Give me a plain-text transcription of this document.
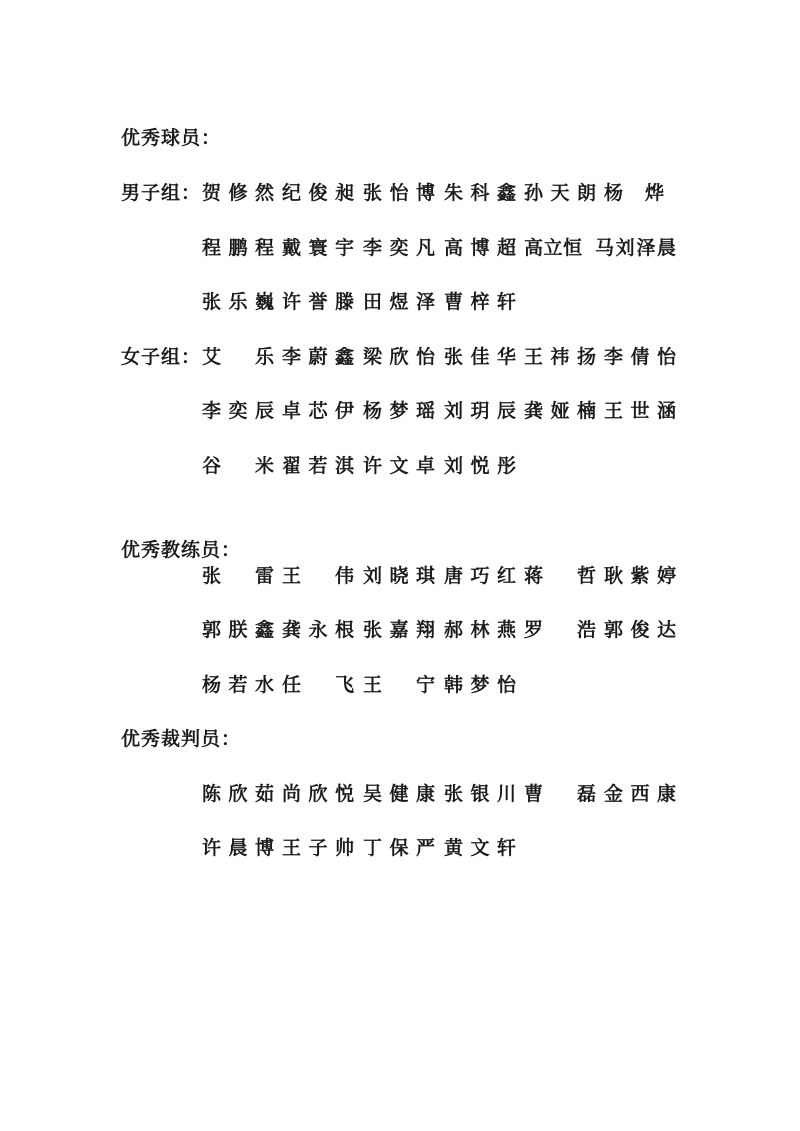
优秀球员：
男子组： 贺修然 纪俊昶 张怡博 朱科鑫 孙天朗 杨　烨
程鹏程 戴寰宇 李奕凡 高博超 高立恒 马刘泽晨
张乐巍 许誉滕 田煜泽 曹梓轩
女子组： 艾　乐 李蔚鑫 梁欣怡 张佳华 王祎扬 李倩怡
李奕辰 卓芯伊 杨梦瑶 刘玥辰 龚娅楠 王世涵
谷　米 翟若淇 许文卓 刘悦彤
优秀教练员：
张　雷 王　伟 刘晓琪 唐巧红 蒋　哲 耿紫婷
郭朕鑫 龚永根 张嘉翔 郝林燕 罗　浩 郭俊达
杨若水 任　飞 王　宁 韩梦怡
优秀裁判员：
陈欣茹 尚欣悦 吴健康 张银川 曹　磊 金西康
许晨博 王子帅 丁保严 黄文轩
